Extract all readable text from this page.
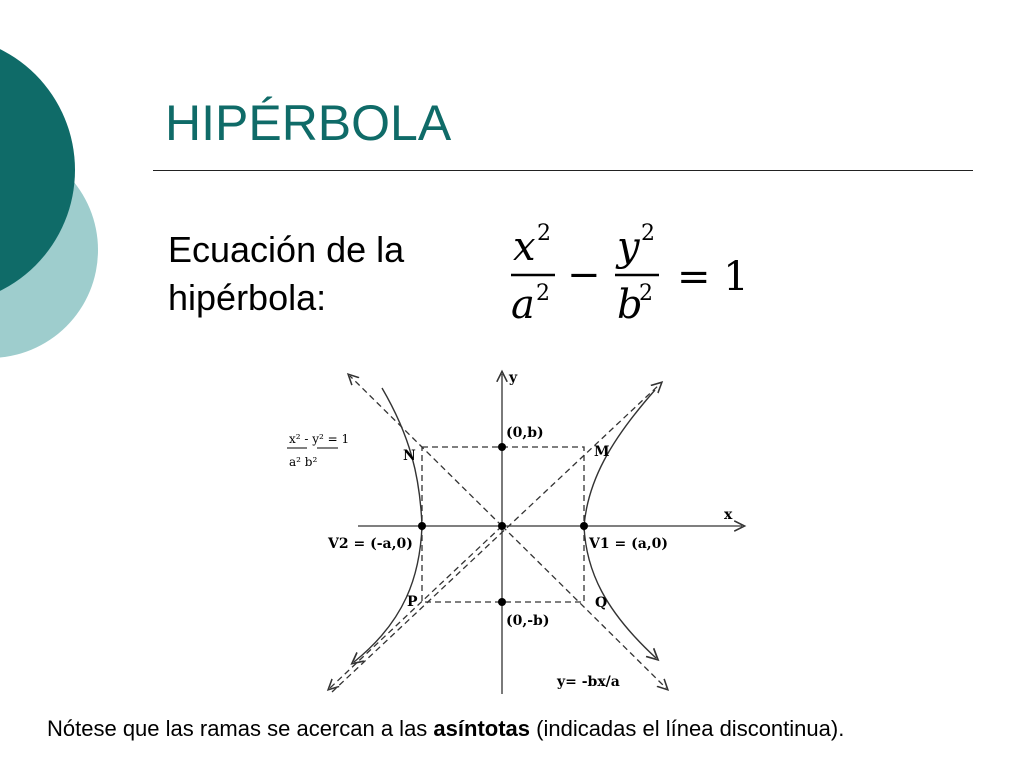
HIPÉRBOLA
Ecuación de la
hipérbola:
x 2
a 2 −
y 2
b
2 = 1
y
x
N	M
P	Q
(0,b)
(0,-b)
V2 = (-a,0)	V1 = (a,0)
y= -bx/a
x² - y² = 1
a² b²
Nótese que las ramas se acercan a las asíntotas (indicadas el línea discontinua).
